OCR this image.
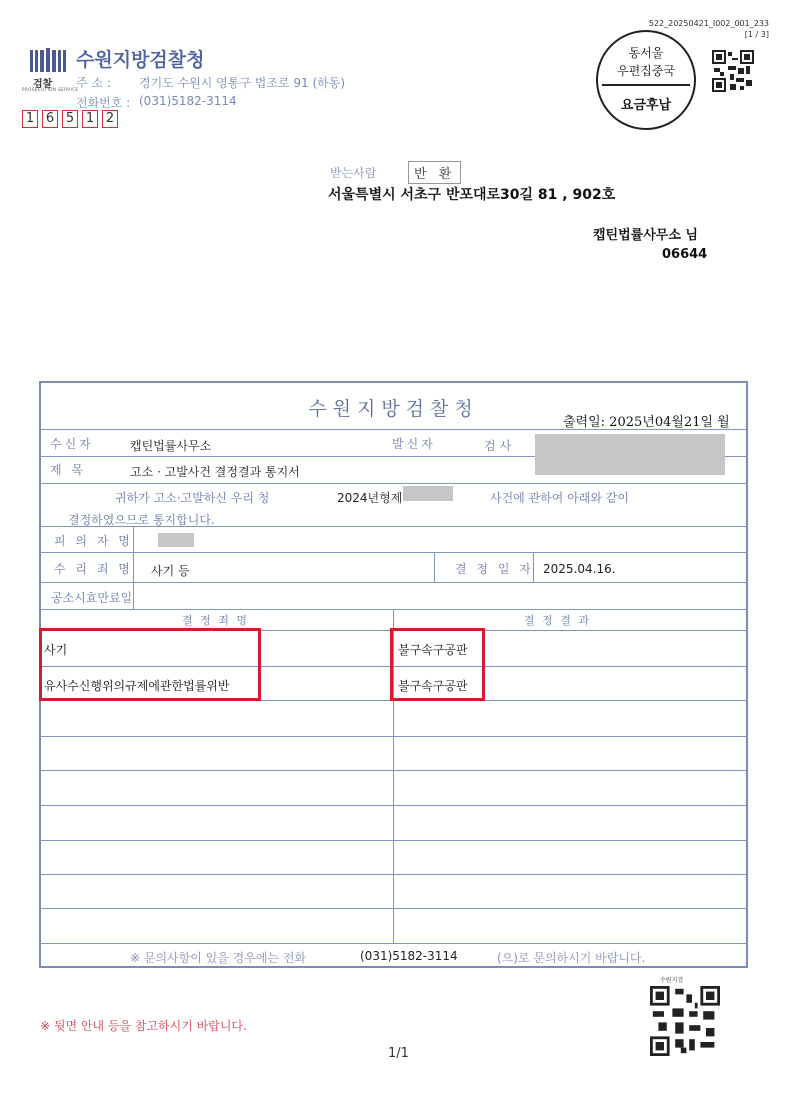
검찰
PROSECUTION SERVICE
수원지방검찰청
주 소 : 경기도 수원시 영통구 법조로 91 (하동)
전화번호 : (031)5182-3114
1 6 5 1 2
522_20250421_I002_001_233
[1 / 3]
동서울
우편집중국
요금후납
받는사람	반 환
서울특별시 서초구 반포대로30길 81 , 902호
캡틴법률사무소 님
06644
수원지방검찰청
출력일: 2025년04월21일 월
수신자	캡틴법률사무소	발신자	검사
제 목	고소 · 고발사건 결정결과 통지서
귀하가 고소·고발하신 우리 청	2024년형제	사건에 관하여 아래와 같이
결정하였으므로 통지합니다.
피 의 자 명
수 리 죄 명 사기 등	결 정 일 자 2025.04.16.
공소시효만료일
결 정 죄 명	결 정 결 과
사기	불구속구공판
유사수신행위의규제에관한법률위반	불구속구공판
※ 문의사항이 있을 경우에는 전화	(031)5182-3114	(으)로 문의하시기 바랍니다.
수원지검
※ 뒷면 안내 등을 참고하시기 바랍니다.
1/1
